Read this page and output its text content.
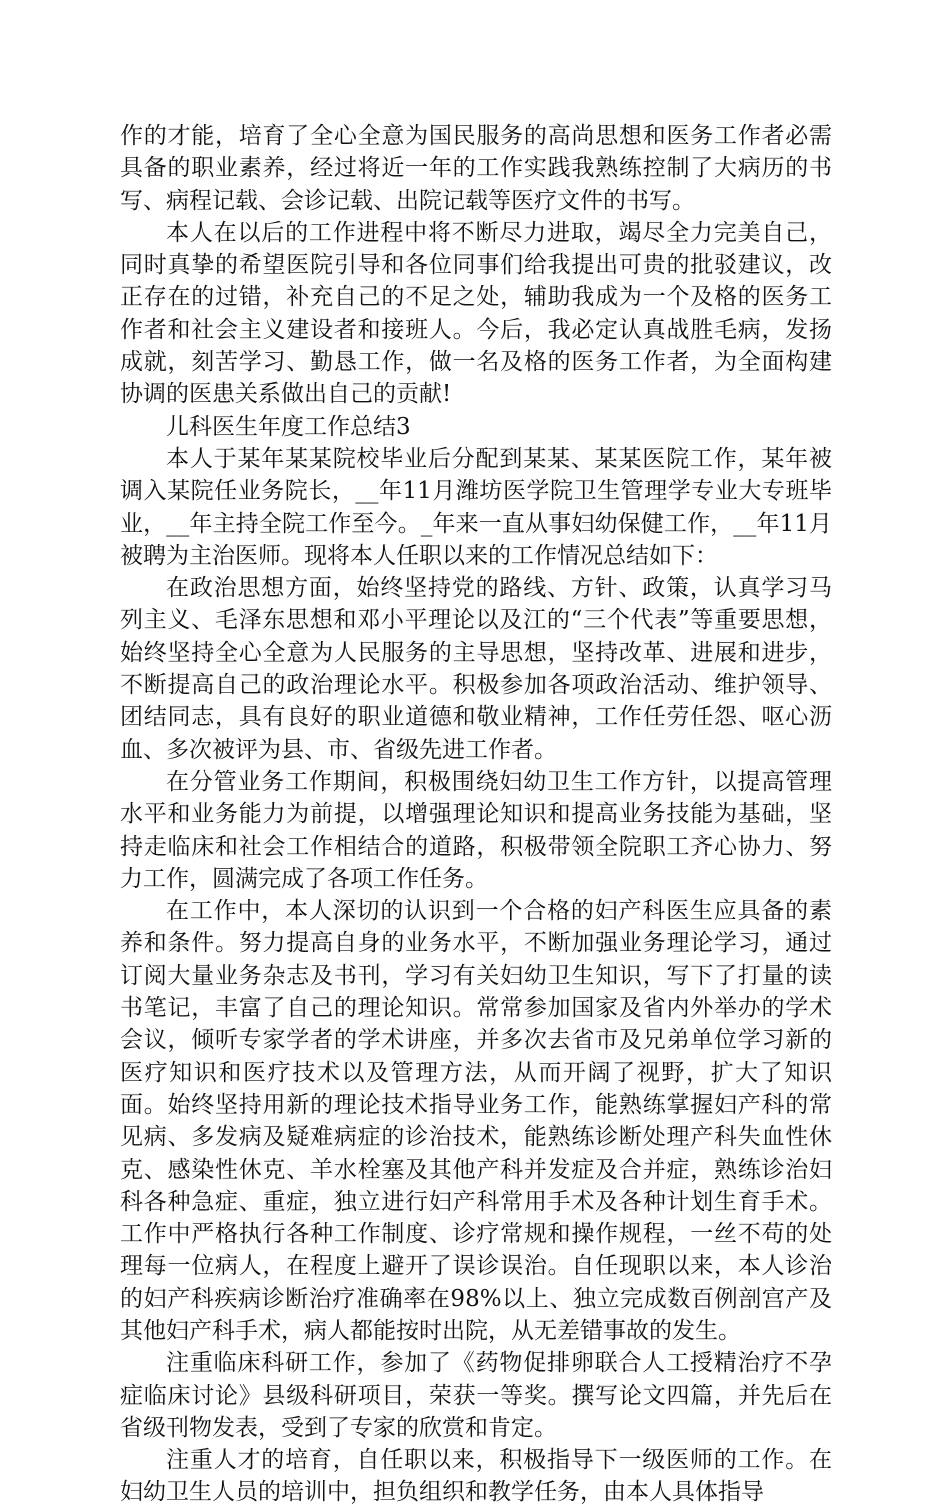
作的才能，培育了全心全意为国民服务的高尚思想和医务工作者必需具备的职业素养，经过将近一年的工作实践我熟练控制了大病历的书写、病程记载、会诊记载、出院记载等医疗文件的书写。

本人在以后的工作进程中将不断尽力进取，竭尽全力完美自己，同时真挚的希望医院引导和各位同事们给我提出可贵的批驳建议，改正存在的过错，补充自己的不足之处，辅助我成为一个及格的医务工作者和社会主义建设者和接班人。今后，我必定认真战胜毛病，发扬成就，刻苦学习、勤恳工作，做一名及格的医务工作者，为全面构建协调的医患关系做出自己的贡献!

儿科医生年度工作总结3

本人于某年某某院校毕业后分配到某某、某某医院工作，某年被调入某院任业务院长，__年11月潍坊医学院卫生管理学专业大专班毕业，__年主持全院工作至今。_年来一直从事妇幼保健工作，__年11月被聘为主治医师。现将本人任职以来的工作情况总结如下：

在政治思想方面，始终坚持党的路线、方针、政策，认真学习马列主义、毛泽东思想和邓小平理论以及江的“三个代表”等重要思想，始终坚持全心全意为人民服务的主导思想，坚持改革、进展和进步，不断提高自己的政治理论水平。积极参加各项政治活动、维护领导、团结同志，具有良好的职业道德和敬业精神，工作任劳任怨、呕心沥血、多次被评为县、市、省级先进工作者。

在分管业务工作期间，积极围绕妇幼卫生工作方针，以提高管理水平和业务能力为前提，以增强理论知识和提高业务技能为基础，坚持走临床和社会工作相结合的道路，积极带领全院职工齐心协力、努力工作，圆满完成了各项工作任务。

在工作中，本人深切的认识到一个合格的妇产科医生应具备的素养和条件。努力提高自身的业务水平，不断加强业务理论学习，通过订阅大量业务杂志及书刊，学习有关妇幼卫生知识，写下了打量的读书笔记，丰富了自己的理论知识。常常参加国家及省内外举办的学术会议，倾听专家学者的学术讲座，并多次去省市及兄弟单位学习新的医疗知识和医疗技术以及管理方法，从而开阔了视野，扩大了知识面。始终坚持用新的理论技术指导业务工作，能熟练掌握妇产科的常见病、多发病及疑难病症的诊治技术，能熟练诊断处理产科失血性休克、感染性休克、羊水栓塞及其他产科并发症及合并症，熟练诊治妇科各种急症、重症，独立进行妇产科常用手术及各种计划生育手术。工作中严格执行各种工作制度、诊疗常规和操作规程，一丝不苟的处理每一位病人，在程度上避开了误诊误治。自任现职以来，本人诊治的妇产科疾病诊断治疗准确率在98%以上、独立完成数百例剖宫产及其他妇产科手术，病人都能按时出院，从无差错事故的发生。

注重临床科研工作，参加了《药物促排卵联合人工授精治疗不孕症临床讨论》县级科研项目，荣获一等奖。撰写论文四篇，并先后在省级刊物发表，受到了专家的欣赏和肯定。

注重人才的培育，自任职以来，积极指导下一级医师的工作。在妇幼卫生人员的培训中，担负组织和教学任务，由本人具体指导
